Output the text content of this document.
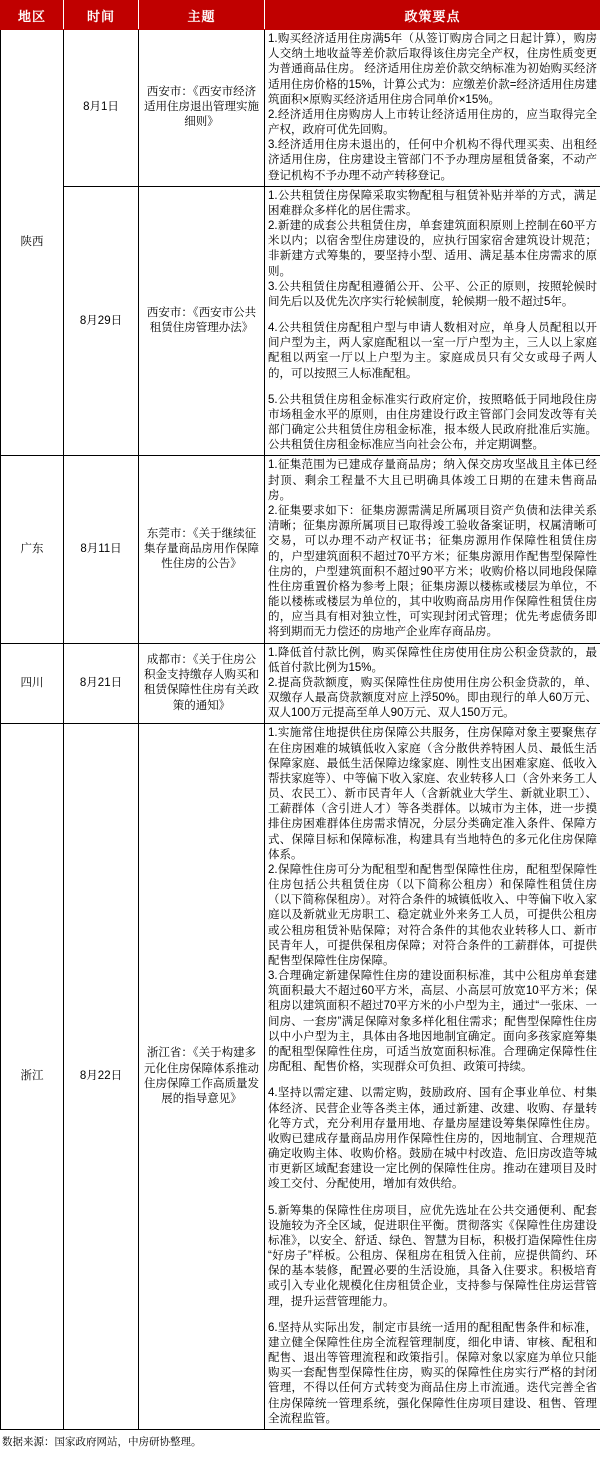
地区	时间	主题	政策要点
陕西	8月1日	西安市：《西安市经济适用住房退出管理实施细则》	1.购买经济适用住房满5年（从签订购房合同之日起计算），购房人交纳土地收益等差价款后取得该住房完全产权，住房性质变更为普通商品住房。 经济适用住房差价款交纳标准为初始购买经济适用住房价格的15%，计算公式为：应缴差价款=经济适用住房建筑面积×原购买经济适用住房合同单价×15%。

2.经济适用住房购房人上市转让经济适用住房的，应当取得完全产权，政府可优先回购。

3.经济适用住房未退出的，任何中介机构不得代理买卖、出租经济适用住房，住房建设主管部门不予办理房屋租赁备案，不动产登记机构不予办理不动产转移登记。

	8月29日	西安市：《西安市公共租赁住房管理办法》	1.公共租赁住房保障采取实物配租与租赁补贴并举的方式，满足困难群众多样化的居住需求。

2.新建的成套公共租赁住房，单套建筑面积原则上控制在60平方米以内；以宿舍型住房建设的，应执行国家宿舍建筑设计规范；非新建方式筹集的，要坚持小型、适用、满足基本住房需求的原则。

3.公共租赁住房配租遵循公开、公平、公正的原则，按照轮候时间先后以及优先次序实行轮候制度，轮候期一般不超过5年。

4.公共租赁住房配租户型与申请人数相对应，单身人员配租以开间户型为主，两人家庭配租以一室一厅户型为主，三人以上家庭配租以两室一厅以上户型为主。家庭成员只有父女或母子两人的，可以按照三人标准配租。

5.公共租赁住房租金标准实行政府定价，按照略低于同地段住房市场租金水平的原则，由住房建设行政主管部门会同发改等有关部门确定公共租赁住房租金标准，报本级人民政府批准后实施。公共租赁住房租金标准应当向社会公布，并定期调整。

广东	8月11日	东莞市：《关于继续征集存量商品房用作保障性住房的公告》	1.征集范围为已建成存量商品房；纳入保交房攻坚战且主体已经封顶、剩余工程量不大且已明确具体竣工日期的在建未售商品房。

2.征集要求如下：征集房源需满足所属项目资产负债和法律关系清晰；征集房源所属项目已取得竣工验收备案证明，权属清晰可交易，可以办理不动产权证书；征集房源用作保障性租赁住房的，户型建筑面积不超过70平方米；征集房源用作配售型保障性住房的，户型建筑面积不超过90平方米；收购价格以同地段保障性住房重置价格为参考上限；征集房源以楼栋或楼层为单位，不能以楼栋或楼层为单位的，其中收购商品房用作保障性租赁住房的，应当具有相对独立性，可实现封闭式管理；优先考虑债务即将到期而无力偿还的房地产企业库存商品房。

四川	8月21日	成都市：《关于住房公积金支持缴存人购买和租赁保障性住房有关政策的通知》	1.降低首付款比例，购买保障性住房使用住房公积金贷款的，最低首付款比例为15%。

2.提高贷款额度，购买保障性住房使用住房公积金贷款的，单、双缴存人最高贷款额度对应上浮50%。即由现行的单人60万元、双人100万元提高至单人90万元、双人150万元。

浙江	8月22日	浙江省：《关于构建多元化住房保障体系推动住房保障工作高质量发展的指导意见》	

1.实施常住地提供住房保障公共服务，住房保障对象主要聚焦存在住房困难的城镇低收入家庭（含分散供养特困人员、最低生活保障家庭、最低生活保障边缘家庭、刚性支出困难家庭、低收入帮扶家庭等）、中等偏下收入家庭、农业转移人口（含外来务工人员、农民工）、新市民青年人（含新就业大学生、新就业职工）、工薪群体（含引进人才）等各类群体。以城市为主体，进一步摸排住房困难群体住房需求情况，分层分类确定准入条件、保障方式、保障目标和保障标准，构建具有当地特色的多元化住房保障体系。

2.保障性住房可分为配租型和配售型保障性住房，配租型保障性住房包括公共租赁住房（以下简称公租房）和保障性租赁住房（以下简称保租房）。对符合条件的城镇低收入、中等偏下收入家庭以及新就业无房职工、稳定就业外来务工人员，可提供公租房或公租房租赁补贴保障；对符合条件的其他农业转移人口、新市民青年人，可提供保租房保障；对符合条件的工薪群体，可提供配售型保障性住房保障。

3.合理确定新建保障性住房的建设面积标准，其中公租房单套建筑面积最大不超过60平方米，高层、小高层可放宽10平方米；保租房以建筑面积不超过70平方米的小户型为主，通过“一张床、一间房、一套房”满足保障对象多样化租住需求；配售型保障性住房以中小户型为主，具体由各地因地制宜确定。面向多孩家庭筹集的配租型保障性住房，可适当放宽面积标准。合理确定保障性住房配租、配售价格，实现群众可负担、政策可持续。

4.坚持以需定建、以需定购，鼓励政府、国有企事业单位、村集体经济、民营企业等各类主体，通过新建、改建、收购、存量转化等方式，充分利用存量用地、存量房屋建设筹集保障性住房。收购已建成存量商品房用作保障性住房的，因地制宜、合理规范确定收购主体、收购价格。鼓励在城中村改造、危旧房改造等城市更新区域配套建设一定比例的保障性住房。推动在建项目及时竣工交付、分配使用，增加有效供给。

5.新筹集的保障性住房项目，应优先选址在公共交通便利、配套设施较为齐全区域，促进职住平衡。贯彻落实《保障性住房建设标准》，以安全、舒适、绿色、智慧为目标，积极打造保障性住房“好房子”样板。公租房、保租房在租赁入住前，应提供简约、环保的基本装修，配置必要的生活设施，具备入住要求。积极培育或引入专业化规模化住房租赁企业，支持参与保障性住房运营管理，提升运营管理能力。

6.坚持从实际出发，制定市县统一适用的配租配售条件和标准，建立健全保障性住房全流程管理制度，细化申请、审核、配租和配售、退出等管理流程和政策指引。保障对象以家庭为单位只能购买一套配售型保障性住房，购买的保障性住房实行严格的封闭管理，不得以任何方式转变为商品住房上市流通。迭代完善全省住房保障统一管理系统，强化保障性住房项目建设、租售、管理全流程监管。

数据来源：国家政府网站，中房研协整理。
